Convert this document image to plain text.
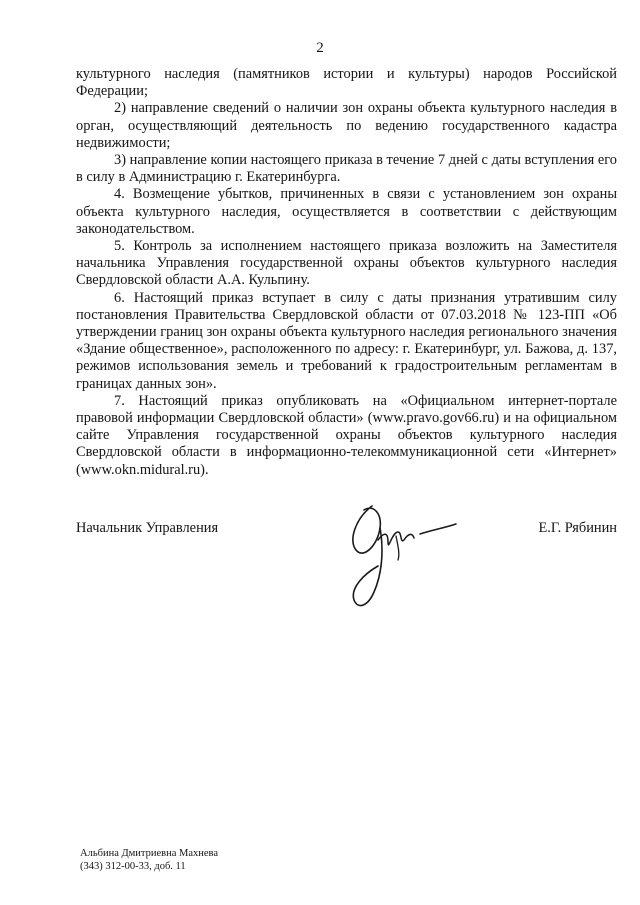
2

культурного наследия (памятников истории и культуры) народов Российской Федерации;

2) направление сведений о наличии зон охраны объекта культурного наследия в орган, осуществляющий деятельность по ведению государственного кадастра недвижимости;

3) направление копии настоящего приказа в течение 7 дней с даты вступления его в силу в Администрацию г. Екатеринбурга.

4. Возмещение убытков, причиненных в связи с установлением зон охраны объекта культурного наследия, осуществляется в соответствии с действующим законодательством.

5. Контроль за исполнением настоящего приказа возложить на Заместителя начальника Управления государственной охраны объектов культурного наследия Свердловской области А.А. Кульпину.

6. Настоящий приказ вступает в силу с даты признания утратившим силу постановления Правительства Свердловской области от 07.03.2018 № 123-ПП «Об утверждении границ зон охраны объекта культурного наследия регионального значения «Здание общественное», расположенного по адресу: г. Екатеринбург, ул. Бажова, д. 137, режимов использования земель и требований к градостроительным регламентам в границах данных зон».

7. Настоящий приказ опубликовать на «Официальном интернет-портале правовой информации Свердловской области» (www.pravo.gov66.ru) и на официальном сайте Управления государственной охраны объектов культурного наследия Свердловской области в информационно-телекоммуникационной сети «Интернет» (www.okn.midural.ru).

Начальник Управления	Е.Г. Рябинин
Альбина Дмитриевна Махнева
(343) 312-00-33, доб. 11
